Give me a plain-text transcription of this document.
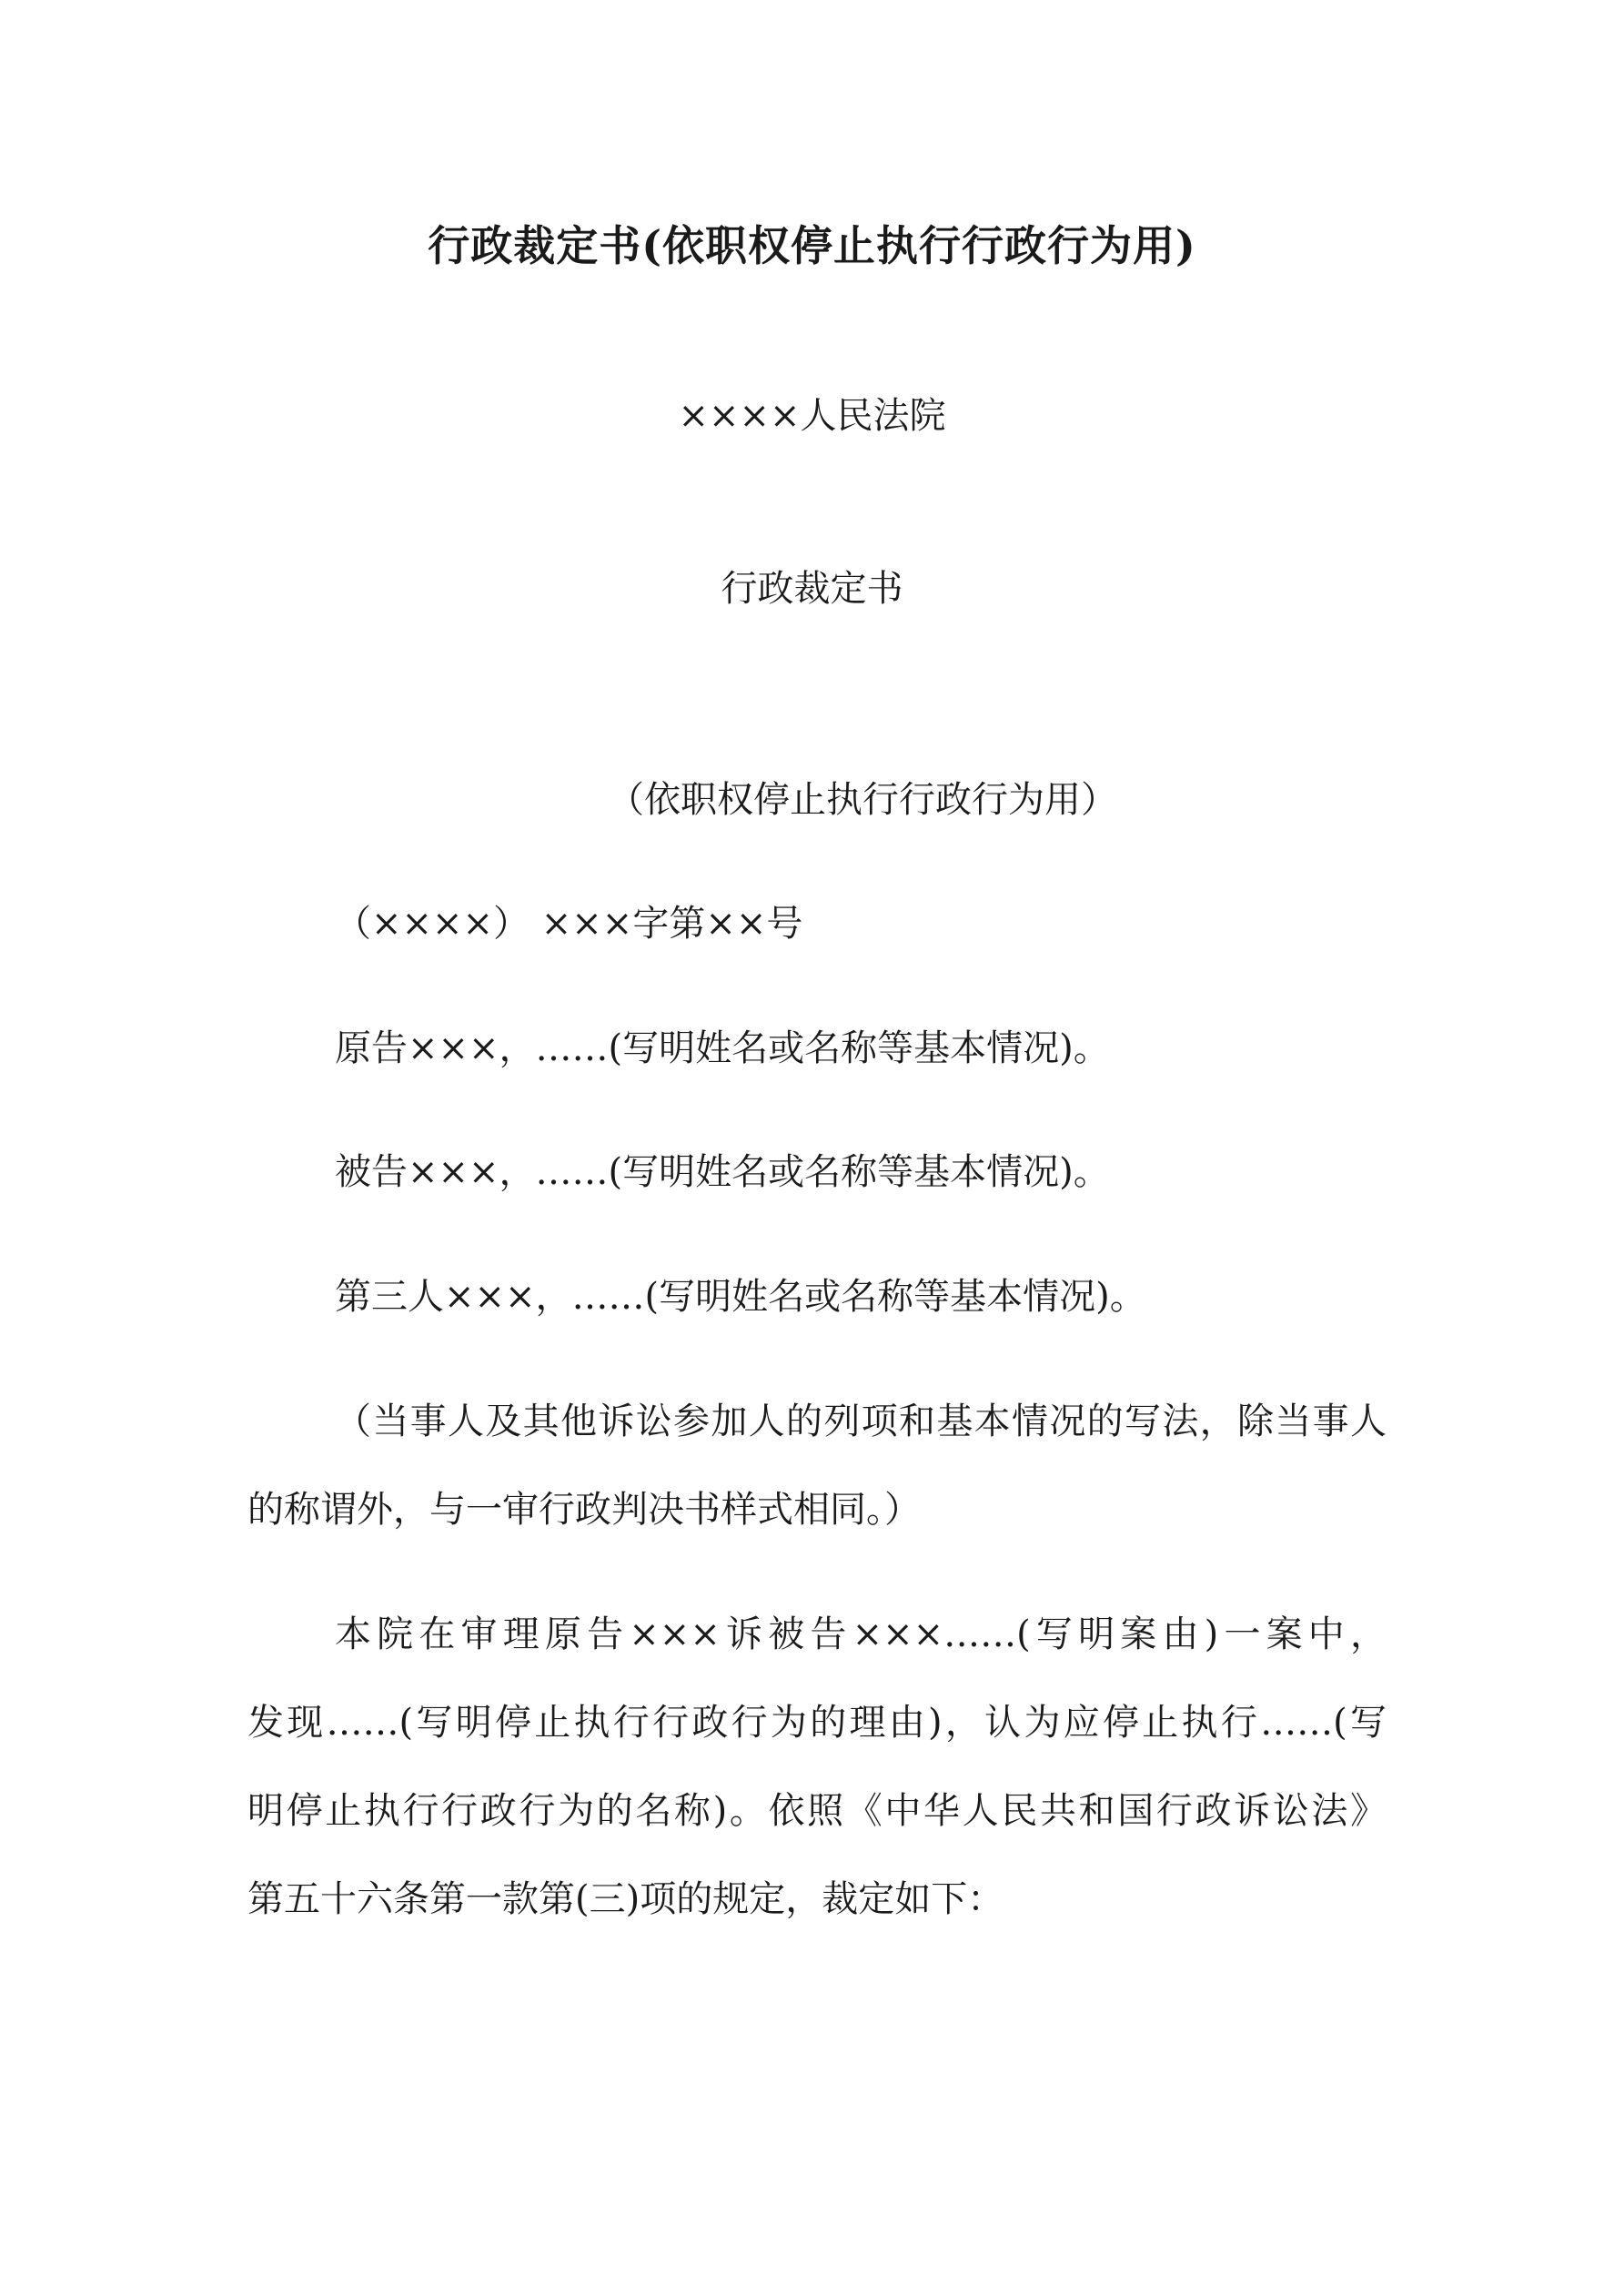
行政裁定书(依职权停止执行行政行为用)
××××人民法院
行政裁定书
（依职权停止执行行政行为用）
（××××） ×××字第××号
原告×××，……(写明姓名或名称等基本情况)。
被告×××，……(写明姓名或名称等基本情况)。
第三人×××，……(写明姓名或名称等基本情况)。
（当事人及其他诉讼参加人的列项和基本情况的写法，除当事人
的称谓外，与一审行政判决书样式相同。）
本院在审理原告×××诉被告×××……(写明案由)一案中，
发现……(写明停止执行行政行为的理由)，认为应停止执行……(写
明停止执行行政行为的名称)。依照《中华人民共和国行政诉讼法》
第五十六条第一款第(三)项的规定，裁定如下：
